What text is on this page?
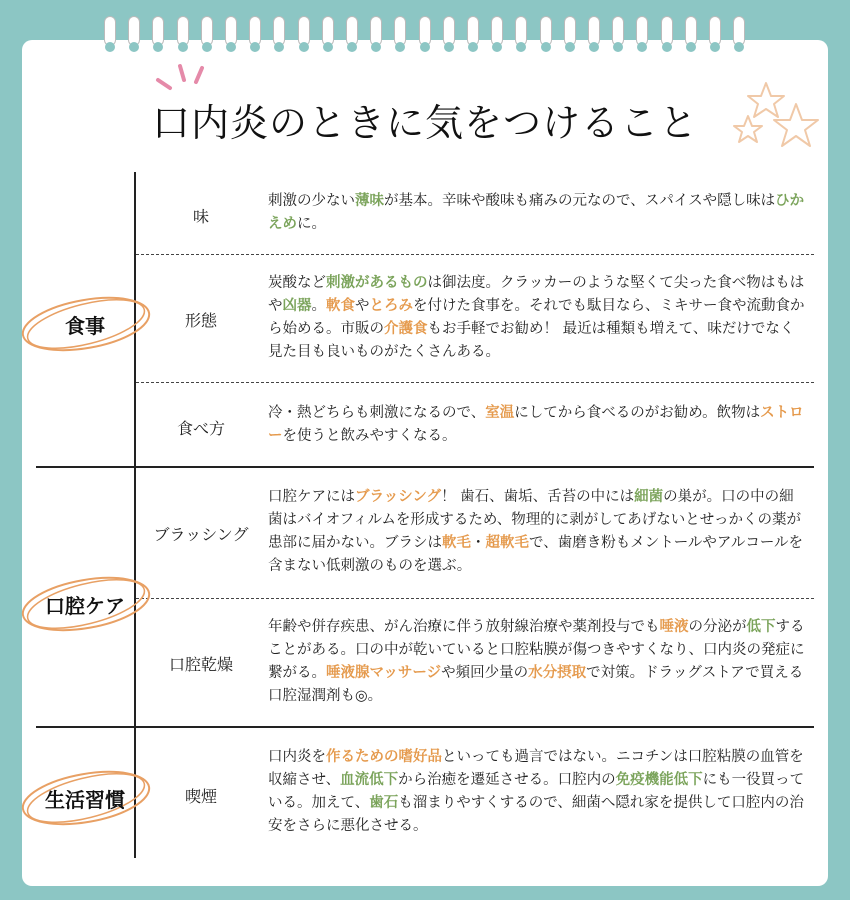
口内炎のときに気をつけること
食事
口腔ケア
生活習慣
味
形態
食べ方
ブラッシング
口腔乾燥
喫煙
刺激の少ない薄味が基本。辛味や酸味も痛みの元なので、スパイスや隠し味はひかえめに。
炭酸など刺激があるものは御法度。クラッカーのような堅くて尖った食べ物はもはや凶器。軟食やとろみを付けた食事を。それでも駄目なら、ミキサー食や流動食から始める。市販の介護食もお手軽でお勧め！ 最近は種類も増えて、味だけでなく見た目も良いものがたくさんある。
冷・熱どちらも刺激になるので、室温にしてから食べるのがお勧め。飲物はストローを使うと飲みやすくなる。
口腔ケアにはブラッシング！ 歯石、歯垢、舌苔の中には細菌の巣が。口の中の細菌はバイオフィルムを形成するため、物理的に剥がしてあげないとせっかくの薬が患部に届かない。ブラシは軟毛・超軟毛で、歯磨き粉もメントールやアルコールを含まない低刺激のものを選ぶ。
年齢や併存疾患、がん治療に伴う放射線治療や薬剤投与でも唾液の分泌が低下することがある。口の中が乾いていると口腔粘膜が傷つきやすくなり、口内炎の発症に繋がる。唾液腺マッサージや頻回少量の水分摂取で対策。ドラッグストアで買える口腔湿潤剤も◎。
口内炎を作るための嗜好品といっても過言ではない。ニコチンは口腔粘膜の血管を収縮させ、血流低下から治癒を遷延させる。口腔内の免疫機能低下にも一役買っている。加えて、歯石も溜まりやすくするので、細菌へ隠れ家を提供して口腔内の治安をさらに悪化させる。
